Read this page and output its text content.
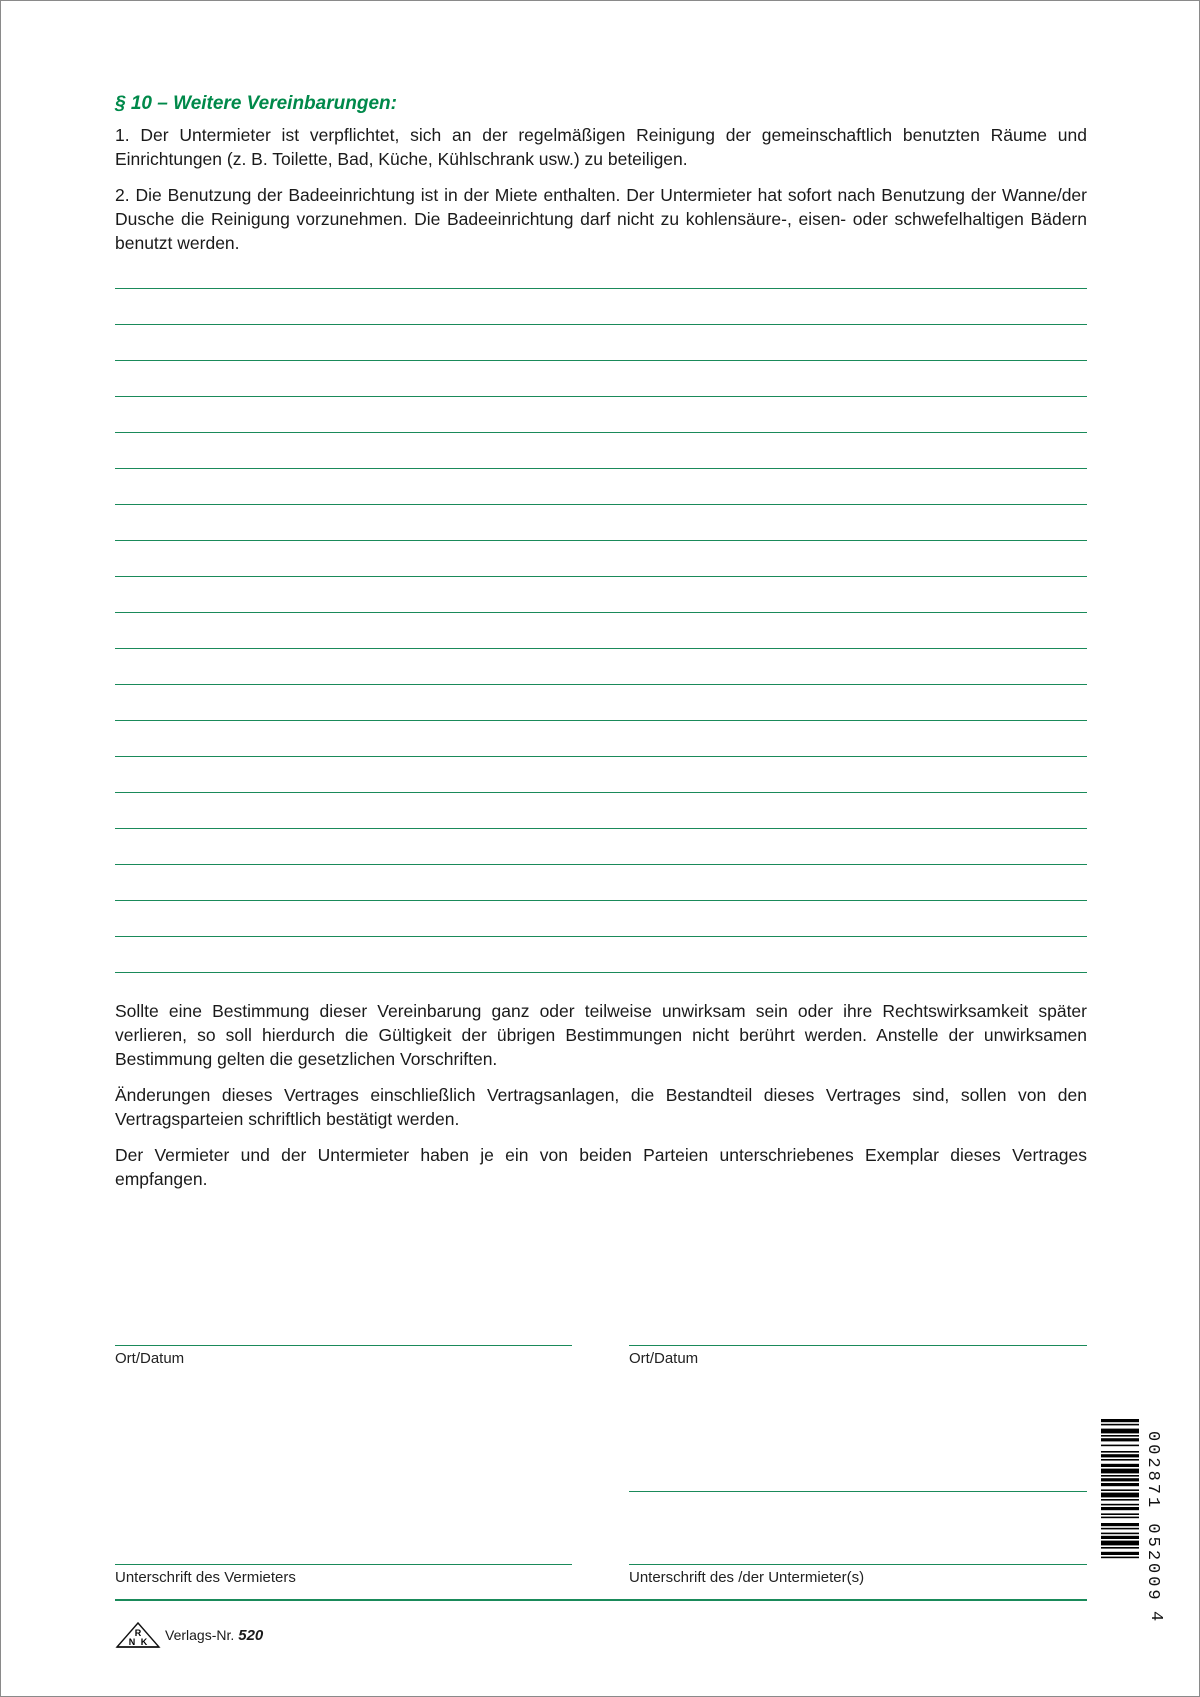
§ 10 – Weitere Vereinbarungen:

1. Der Untermieter ist verpflichtet, sich an der regelmäßigen Reinigung der gemeinschaftlich benutzten Räume und Einrichtungen (z. B. Toilette, Bad, Küche, Kühlschrank usw.) zu beteiligen.

2. Die Benutzung der Badeeinrichtung ist in der Miete enthalten. Der Untermieter hat sofort nach Benutzung der Wanne/der Dusche die Reinigung vorzunehmen. Die Badeeinrichtung darf nicht zu kohlensäure-, eisen- oder schwefelhaltigen Bädern benutzt werden.

Sollte eine Bestimmung dieser Vereinbarung ganz oder teilweise unwirksam sein oder ihre Rechtswirksamkeit später verlieren, so soll hierdurch die Gültigkeit der übrigen Bestimmungen nicht berührt werden. Anstelle der unwirksamen Bestimmung gelten die gesetzlichen Vorschriften.

Änderungen dieses Vertrages einschließlich Vertragsanlagen, die Bestandteil dieses Vertrages sind, sollen von den Vertragsparteien schriftlich bestätigt werden.

Der Vermieter und der Untermieter haben je ein von beiden Parteien unterschriebenes Exemplar dieses Vertrages empfangen.

Ort/Datum	Ort/Datum
Unterschrift des Vermieters	Unterschrift des /der Untermieter(s)
R
N K Verlags-Nr. 520
002871 052009
4
